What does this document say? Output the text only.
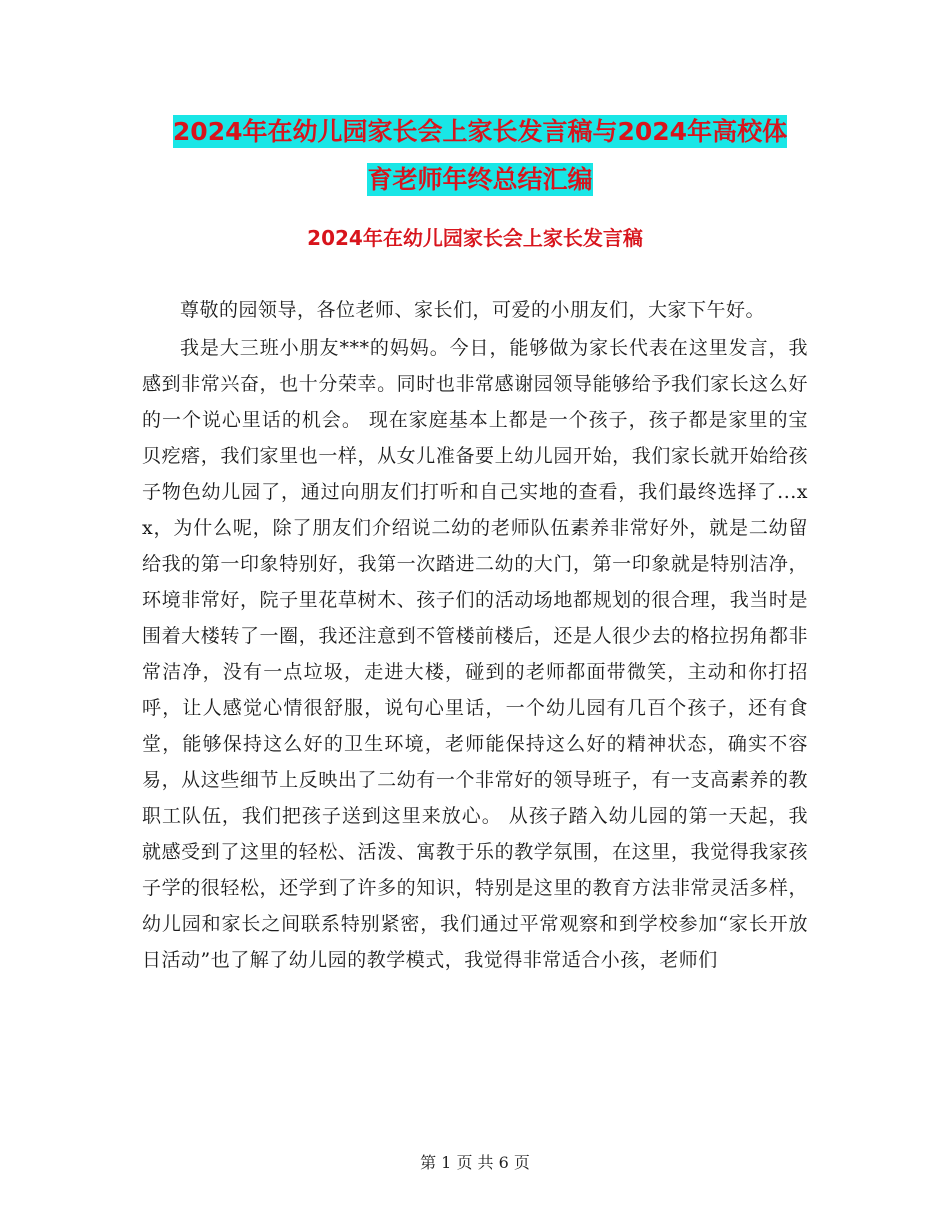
2024年在幼儿园家长会上家长发言稿与2024年高校体
育老师年终总结汇编
2024年在幼儿园家长会上家长发言稿

尊敬的园领导，各位老师、家长们，可爱的小朋友们，大家下午好。

我是大三班小朋友***的妈妈。今日，能够做为家长代表在这里发言，我感到非常兴奋，也十分荣幸。同时也非常感谢园领导能够给予我们家长这么好的一个说心里话的机会。 现在家庭基本上都是一个孩子，孩子都是家里的宝贝疙瘩，我们家里也一样，从女儿准备要上幼儿园开始，我们家长就开始给孩子物色幼儿园了，通过向朋友们打听和自己实地的查看，我们最终选择了...xx，为什么呢，除了朋友们介绍说二幼的老师队伍素养非常好外，就是二幼留给我的第一印象特别好，我第一次踏进二幼的大门，第一印象就是特别洁净，环境非常好，院子里花草树木、孩子们的活动场地都规划的很合理，我当时是围着大楼转了一圈，我还注意到不管楼前楼后，还是人很少去的格拉拐角都非常洁净，没有一点垃圾，走进大楼，碰到的老师都面带微笑，主动和你打招呼，让人感觉心情很舒服，说句心里话，一个幼儿园有几百个孩子，还有食堂，能够保持这么好的卫生环境，老师能保持这么好的精神状态，确实不容易，从这些细节上反映出了二幼有一个非常好的领导班子，有一支高素养的教职工队伍，我们把孩子送到这里来放心。 从孩子踏入幼儿园的第一天起，我就感受到了这里的轻松、活泼、寓教于乐的教学氛围，在这里，我觉得我家孩子学的很轻松，还学到了许多的知识，特别是这里的教育方法非常灵活多样，幼儿园和家长之间联系特别紧密，我们通过平常观察和到学校参加“家长开放日活动”也了解了幼儿园的教学模式，我觉得非常适合小孩，老师们

第 1 页 共 6 页
